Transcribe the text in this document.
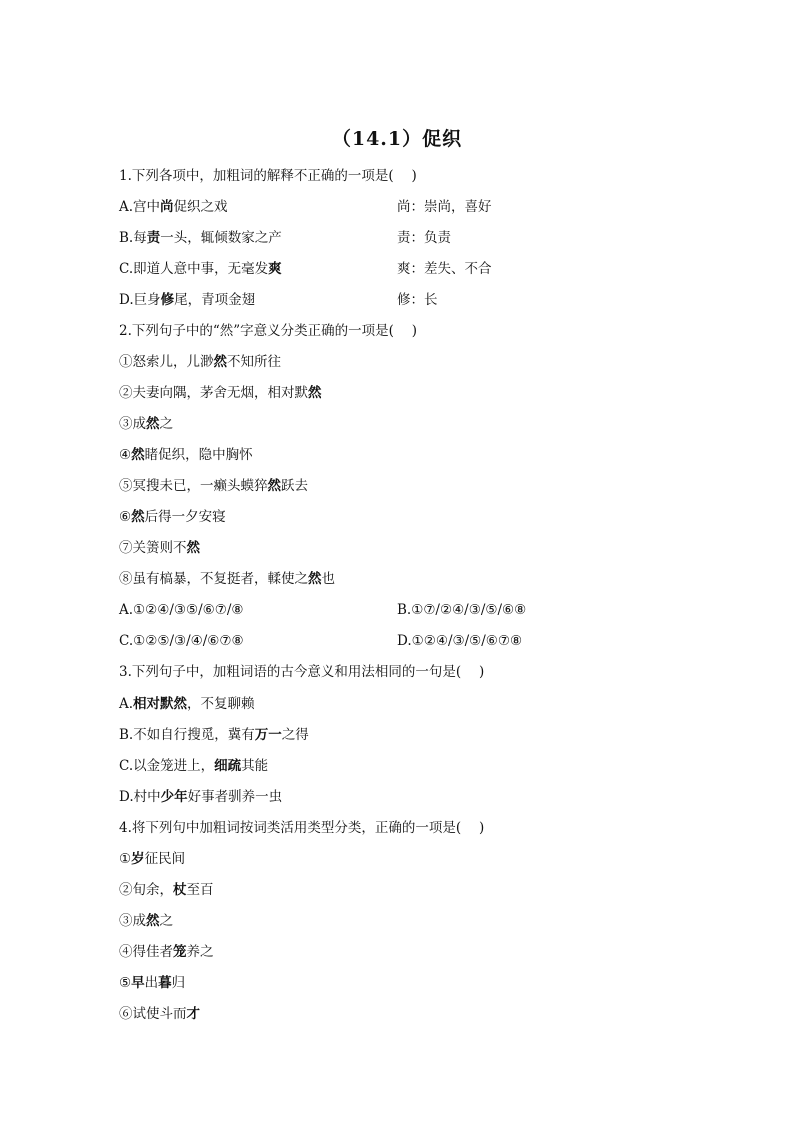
（14.1）促织
1.下列各项中，加粗词的解释不正确的一项是(　 )
A.宫中尚促织之戏	尚：崇尚，喜好
B.每责一头，辄倾数家之产	责：负责
C.即道人意中事，无毫发爽	爽：差失、不合
D.巨身修尾，青项金翅	修：长
2.下列句子中的“然”字意义分类正确的一项是(　 )
①怒索儿，儿渺然不知所往
②夫妻向隅，茅舍无烟，相对默然
③成然之
④然睹促织，隐中胸怀
⑤冥搜未已，一癞头蟆猝然跃去
⑥然后得一夕安寝
⑦关箦则不然
⑧虽有槁暴，不复挺者，輮使之然也
A.①②④/③⑤/⑥⑦/⑧	B.①⑦/②④/③/⑤/⑥⑧
C.①②⑤/③/④/⑥⑦⑧	D.①②④/③/⑤/⑥⑦⑧
3.下列句子中，加粗词语的古今意义和用法相同的一句是(　 )
A.相对默然，不复聊赖
B.不如自行搜觅，冀有万一之得
C.以金笼进上，细疏其能
D.村中少年好事者驯养一虫
4.将下列句中加粗词按词类活用类型分类，正确的一项是(　 )
①岁征民间
②旬余，杖至百
③成然之
④得佳者笼养之
⑤早出暮归
⑥试使斗而才
